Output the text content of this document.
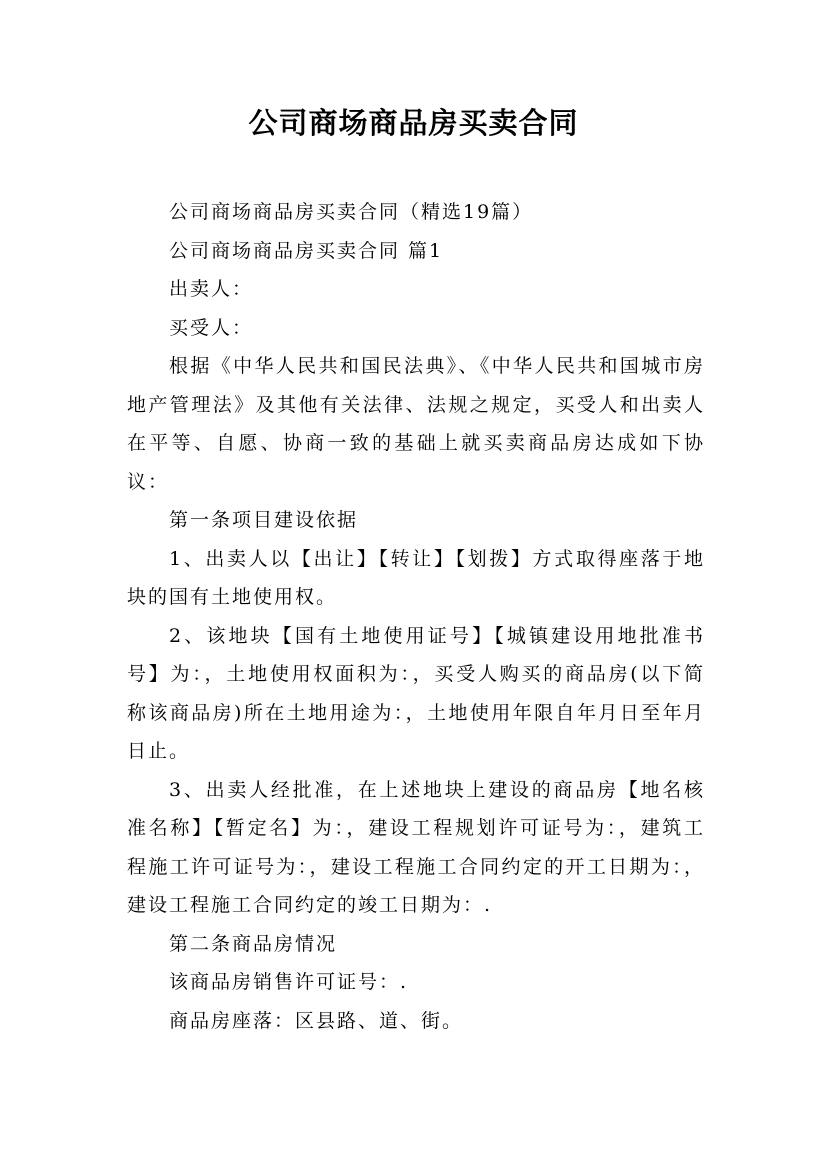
公司商场商品房买卖合同

公司商场商品房买卖合同（精选19篇）

公司商场商品房买卖合同 篇1

出卖人：

买受人：

根据《中华人民共和国民法典》、《中华人民共和国城市房地产管理法》及其他有关法律、法规之规定，买受人和出卖人在平等、自愿、协商一致的基础上就买卖商品房达成如下协议：

第一条项目建设依据

1、出卖人以【出让】【转让】【划拨】方式取得座落于地块的国有土地使用权。

2、该地块【国有土地使用证号】【城镇建设用地批准书号】为：，土地使用权面积为：，买受人购买的商品房(以下简称该商品房)所在土地用途为：，土地使用年限自年月日至年月日止。

3、出卖人经批准，在上述地块上建设的商品房【地名核准名称】【暂定名】为：，建设工程规划许可证号为：，建筑工程施工许可证号为：，建设工程施工合同约定的开工日期为：，建设工程施工合同约定的竣工日期为：.

第二条商品房情况

该商品房销售许可证号：.

商品房座落：区县路、道、街。
